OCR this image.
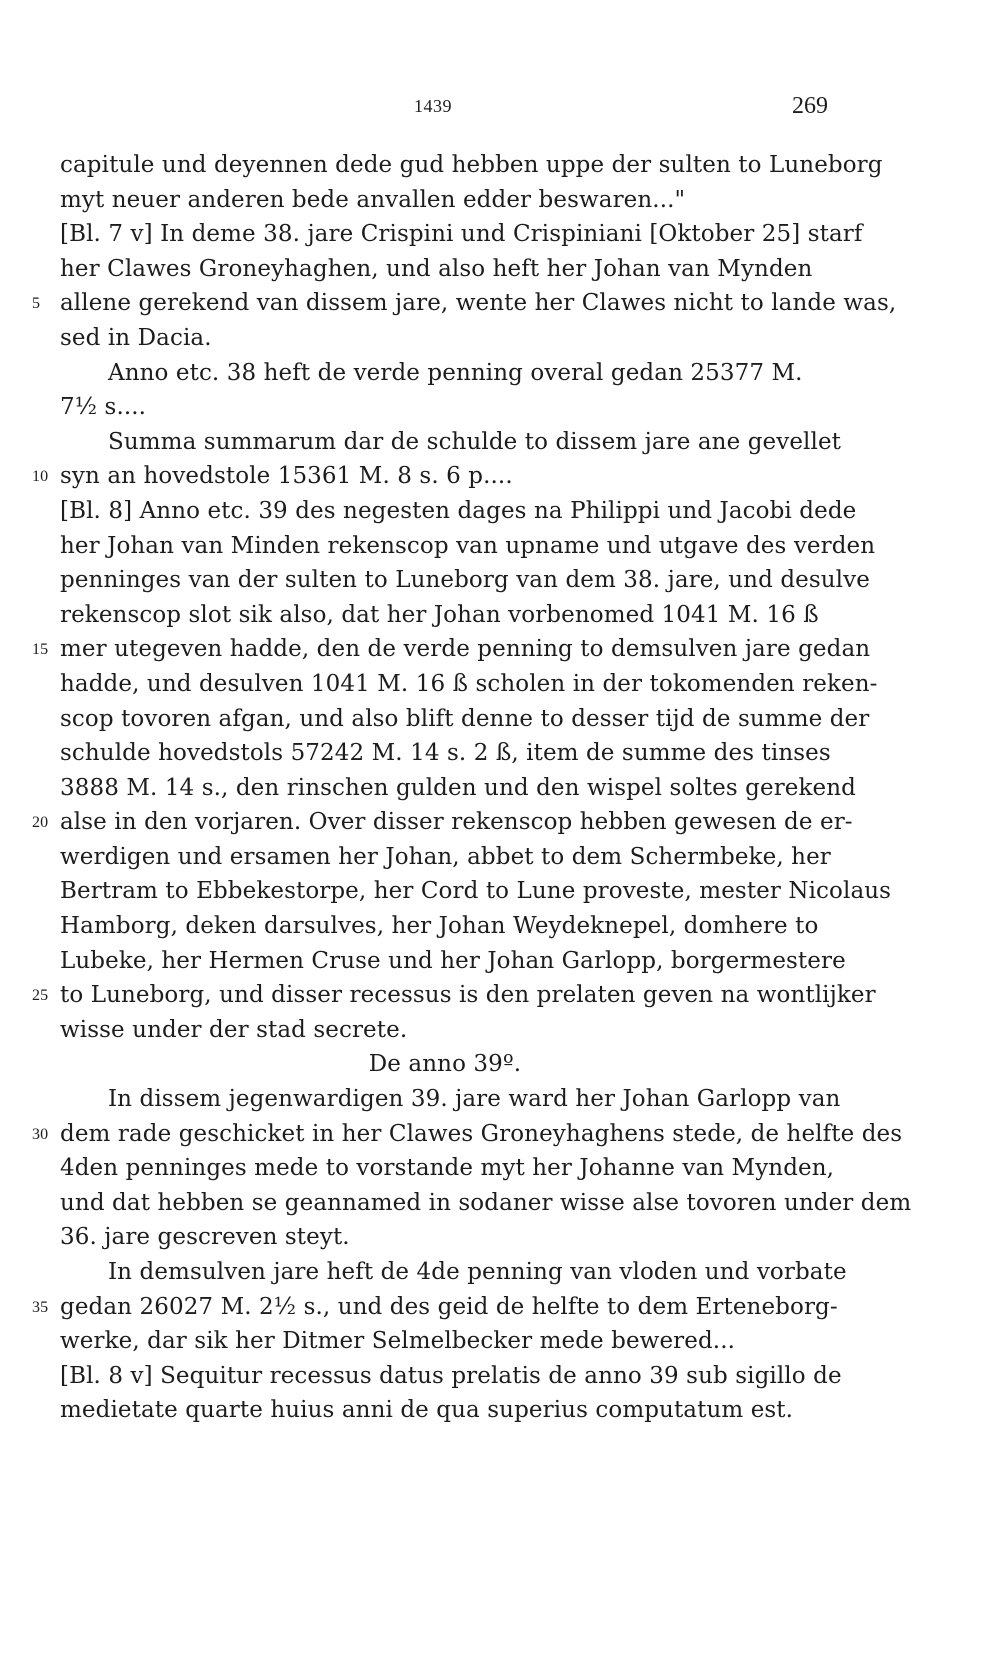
1439	269
capitule und deyennen dede gud hebben uppe der sulten to Luneborg
myt neuer anderen bede anvallen edder beswaren..."
[Bl. 7 v] In deme 38. jare Crispini und Crispiniani [Oktober 25] starf
her Clawes Groneyhaghen, und also heft her Johan van Mynden
5 allene gerekend van dissem jare, wente her Clawes nicht to lande was,
sed in Dacia.
Anno etc. 38 heft de verde penning overal gedan 25377 M.
7½ s....
Summa summarum dar de schulde to dissem jare ane gevellet
10 syn an hovedstole 15361 M. 8 s. 6 p....
[Bl. 8] Anno etc. 39 des negesten dages na Philippi und Jacobi dede
her Johan van Minden rekenscop van upname und utgave des verden
penninges van der sulten to Luneborg van dem 38. jare, und desulve
rekenscop slot sik also, dat her Johan vorbenomed 1041 M. 16 ß
15 mer utegeven hadde, den de verde penning to demsulven jare gedan
hadde, und desulven 1041 M. 16 ß scholen in der tokomenden reken-
scop tovoren afgan, und also blift denne to desser tijd de summe der
schulde hovedstols 57242 M. 14 s. 2 ß, item de summe des tinses
3888 M. 14 s., den rinschen gulden und den wispel soltes gerekend
20 alse in den vorjaren. Over disser rekenscop hebben gewesen de er-
werdigen und ersamen her Johan, abbet to dem Schermbeke, her
Bertram to Ebbekestorpe, her Cord to Lune proveste, mester Nicolaus
Hamborg, deken darsulves, her Johan Weydeknepel, domhere to
Lubeke, her Hermen Cruse und her Johan Garlopp, borgermestere
25 to Luneborg, und disser recessus is den prelaten geven na wontlijker
wisse under der stad secrete.
De anno 39º.
In dissem jegenwardigen 39. jare ward her Johan Garlopp van
30 dem rade geschicket in her Clawes Groneyhaghens stede, de helfte des
4den penninges mede to vorstande myt her Johanne van Mynden,
und dat hebben se geannamed in sodaner wisse alse tovoren under dem
36. jare gescreven steyt.
In demsulven jare heft de 4de penning van vloden und vorbate
35 gedan 26027 M. 2½ s., und des geid de helfte to dem Erteneborg-
werke, dar sik her Ditmer Selmelbecker mede bewered...
[Bl. 8 v] Sequitur recessus datus prelatis de anno 39 sub sigillo de
medietate quarte huius anni de qua superius computatum est.
